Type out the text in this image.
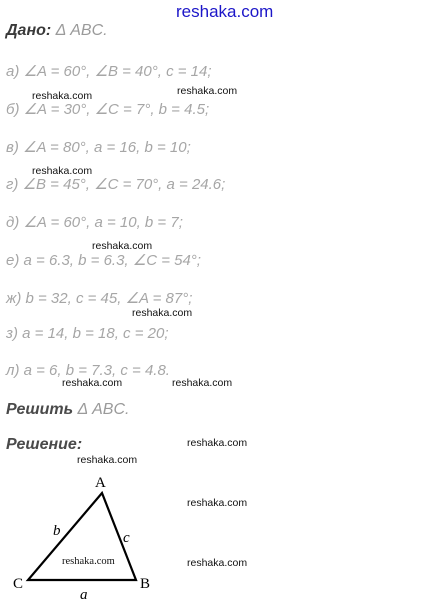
reshaka.com
Дано: Δ ABC.
а) ∠A = 60°, ∠B = 40°, c = 14;
б) ∠A = 30°, ∠C = 7°, b = 4.5;
в) ∠A = 80°, a = 16, b = 10;
г) ∠B = 45°, ∠C = 70°, a = 24.6;
д) ∠A = 60°, a = 10, b = 7;
е) a = 6.3, b = 6.3, ∠C = 54°;
ж) b = 32, c = 45, ∠A = 87°;
з) a = 14, b = 18, c = 20;
л) a = 6, b = 7.3, c = 4.8.
Решить Δ ABC.
Решение:
reshaka.com
reshaka.com
reshaka.com
reshaka.com
reshaka.com
reshaka.com	reshaka.com
reshaka.com
reshaka.com
reshaka.com
reshaka.com
A
B
C
a
b	c
reshaka.com
